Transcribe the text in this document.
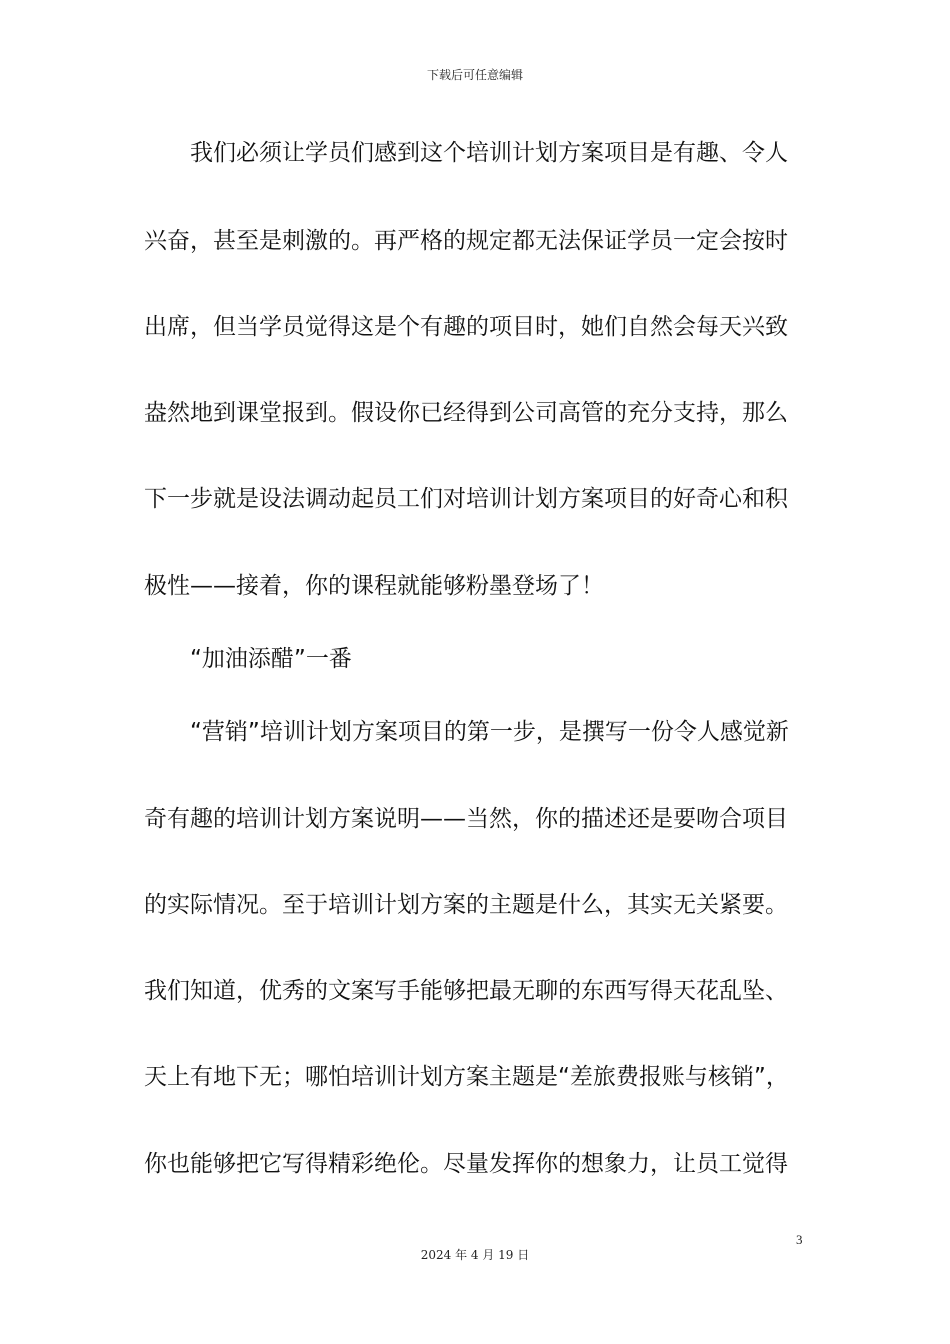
下载后可任意编辑
我们必须让学员们感到这个培训计划方案项目是有趣、令人
兴奋，甚至是刺激的。再严格的规定都无法保证学员一定会按时
出席，但当学员觉得这是个有趣的项目时，她们自然会每天兴致
盎然地到课堂报到。假设你已经得到公司高管的充分支持，那么
下一步就是设法调动起员工们对培训计划方案项目的好奇心和积
极性——接着，你的课程就能够粉墨登场了！
“加油添醋”一番
“营销”培训计划方案项目的第一步，是撰写一份令人感觉新
奇有趣的培训计划方案说明——当然，你的描述还是要吻合项目
的实际情况。至于培训计划方案的主题是什么，其实无关紧要。
我们知道，优秀的文案写手能够把最无聊的东西写得天花乱坠、
天上有地下无；哪怕培训计划方案主题是“差旅费报账与核销”，
你也能够把它写得精彩绝伦。尽量发挥你的想象力，让员工觉得
3
2024 年 4 月 19 日
